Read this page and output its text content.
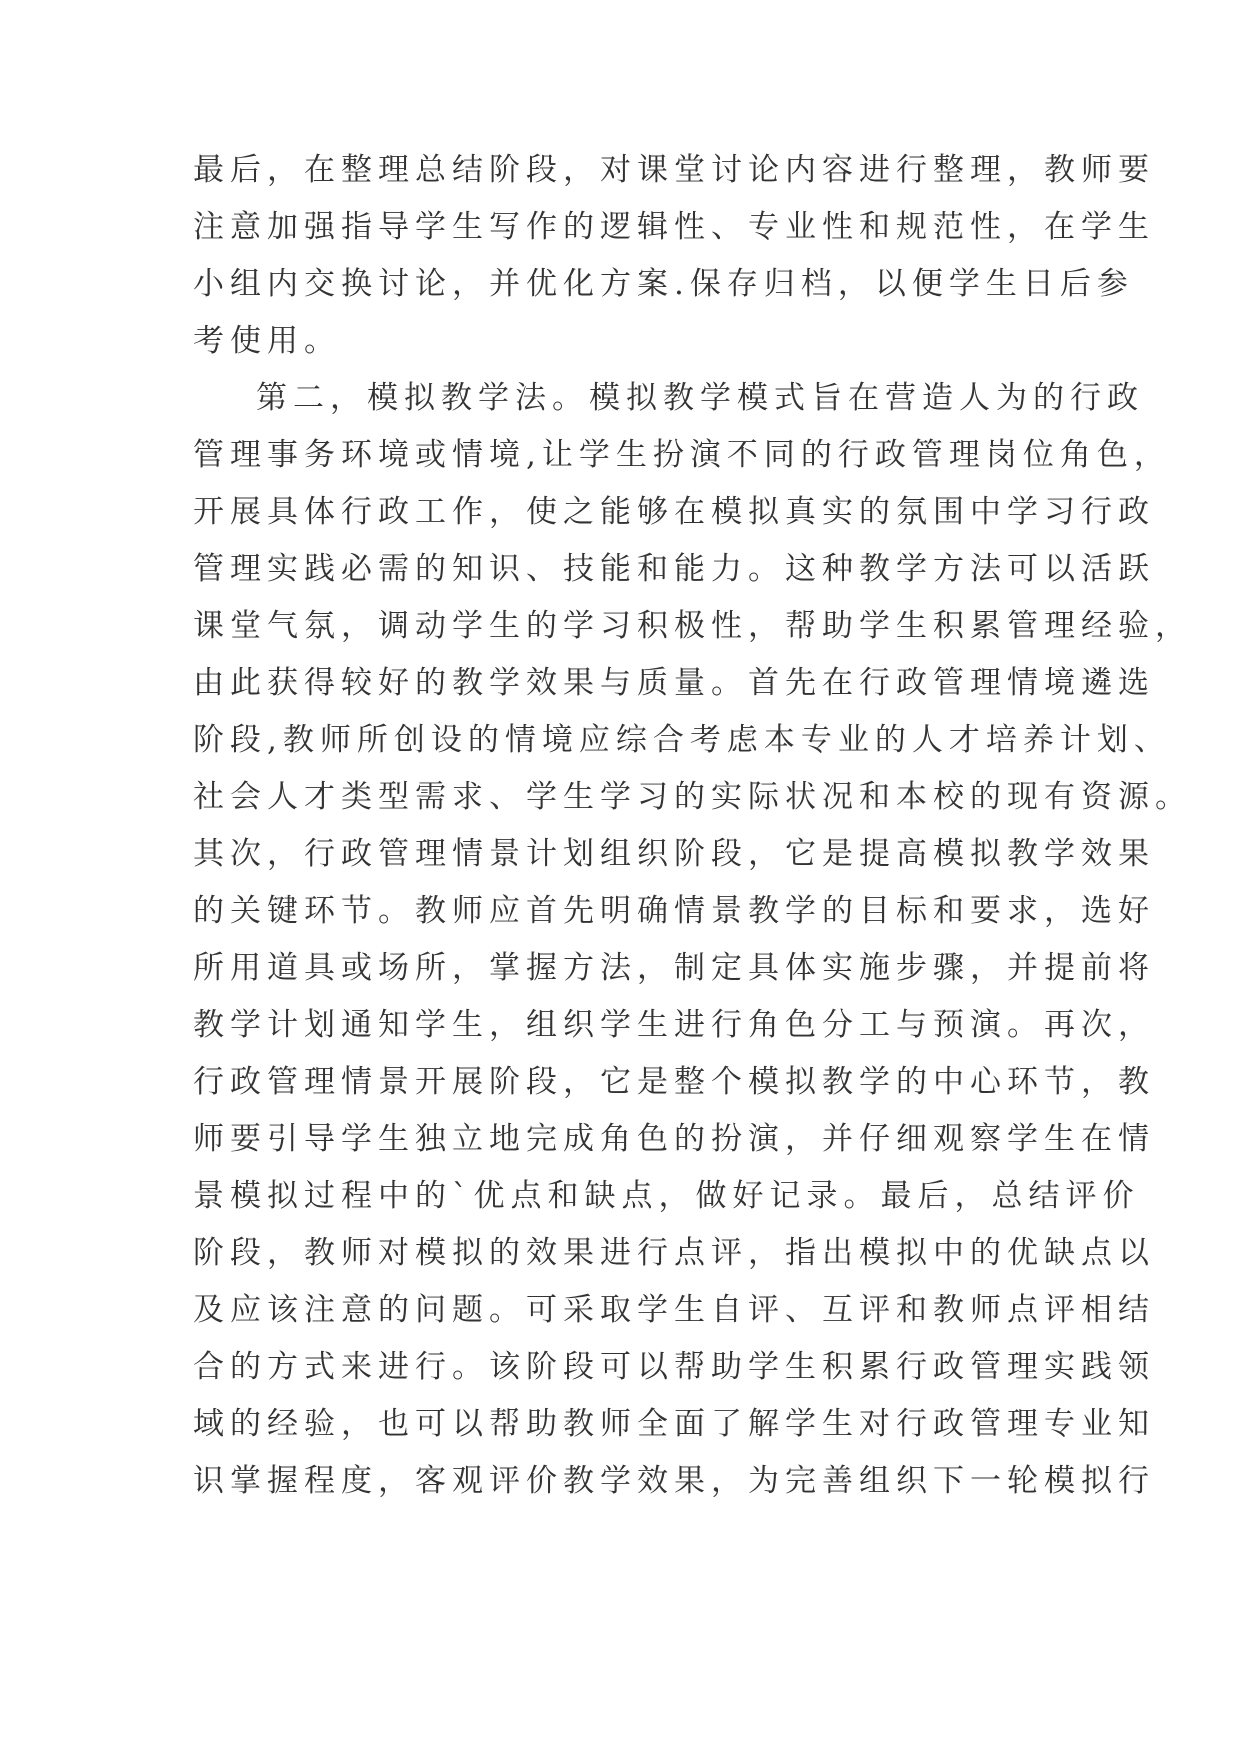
最后，在整理总结阶段，对课堂讨论内容进行整理，教师要
注意加强指导学生写作的逻辑性、专业性和规范性，在学生
小组内交换讨论，并优化方案.保存归档，以便学生日后参
考使用。
第二，模拟教学法。模拟教学模式旨在营造人为的行政
管理事务环境或情境,让学生扮演不同的行政管理岗位角色，
开展具体行政工作，使之能够在模拟真实的氛围中学习行政
管理实践必需的知识、技能和能力。这种教学方法可以活跃
课堂气氛，调动学生的学习积极性，帮助学生积累管理经验，
由此获得较好的教学效果与质量。首先在行政管理情境遴选
阶段,教师所创设的情境应综合考虑本专业的人才培养计划、
社会人才类型需求、学生学习的实际状况和本校的现有资源。
其次，行政管理情景计划组织阶段，它是提高模拟教学效果
的关键环节。教师应首先明确情景教学的目标和要求，选好
所用道具或场所，掌握方法，制定具体实施步骤，并提前将
教学计划通知学生，组织学生进行角色分工与预演。再次，
行政管理情景开展阶段，它是整个模拟教学的中心环节，教
师要引导学生独立地完成角色的扮演，并仔细观察学生在情
景模拟过程中的`优点和缺点，做好记录。最后，总结评价
阶段，教师对模拟的效果进行点评，指出模拟中的优缺点以
及应该注意的问题。可采取学生自评、互评和教师点评相结
合的方式来进行。该阶段可以帮助学生积累行政管理实践领
域的经验，也可以帮助教师全面了解学生对行政管理专业知
识掌握程度，客观评价教学效果，为完善组织下一轮模拟行
